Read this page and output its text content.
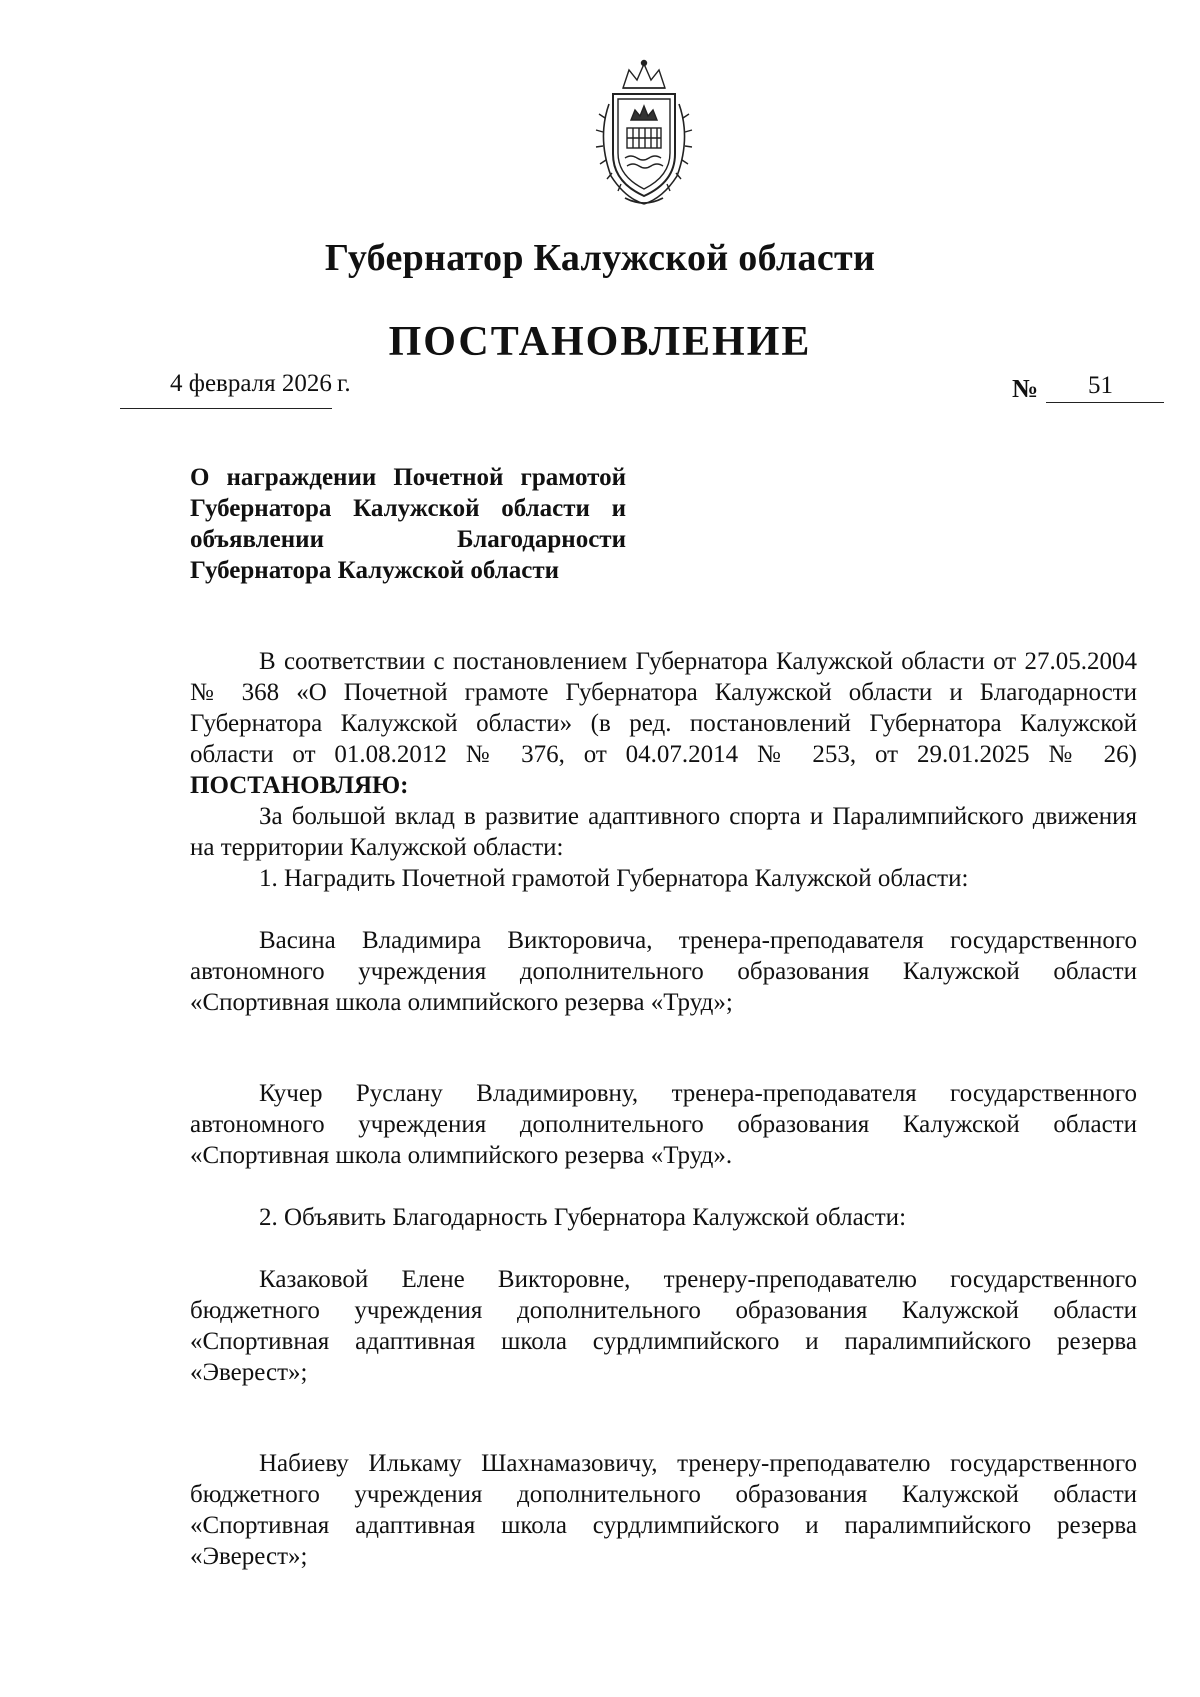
Губернатор Калужской области
ПОСТАНОВЛЕНИЕ
4 февраля 2026 г.	№ 51

О награждении Почетной грамотой Губернатора Калужской области и объявлении Благодарности Губернатора Калужской области

В соответствии с постановлением Губернатора Калужской области от 27.05.2004 № 368 «О Почетной грамоте Губернатора Калужской области и Благодарности Губернатора Калужской области» (в ред. постановлений Губернатора Калужской области от 01.08.2012 № 376, от 04.07.2014 № 253, от 29.01.2025 № 26) ПОСТАНОВЛЯЮ:

За большой вклад в развитие адаптивного спорта и Паралимпийского движения на территории Калужской области:

1. Наградить Почетной грамотой Губернатора Калужской области:

Васина Владимира Викторовича, тренера-преподавателя государственного автономного учреждения дополнительного образования Калужской области «Спортивная школа олимпийского резерва «Труд»;

Кучер Руслану Владимировну, тренера-преподавателя государственного автономного учреждения дополнительного образования Калужской области «Спортивная школа олимпийского резерва «Труд».

2. Объявить Благодарность Губернатора Калужской области:

Казаковой Елене Викторовне, тренеру-преподавателю государственного бюджетного учреждения дополнительного образования Калужской области «Спортивная адаптивная школа сурдлимпийского и паралимпийского резерва «Эверест»;

Набиеву Илькаму Шахнамазовичу, тренеру-преподавателю государственного бюджетного учреждения дополнительного образования Калужской области «Спортивная адаптивная школа сурдлимпийского и паралимпийского резерва «Эверест»;
